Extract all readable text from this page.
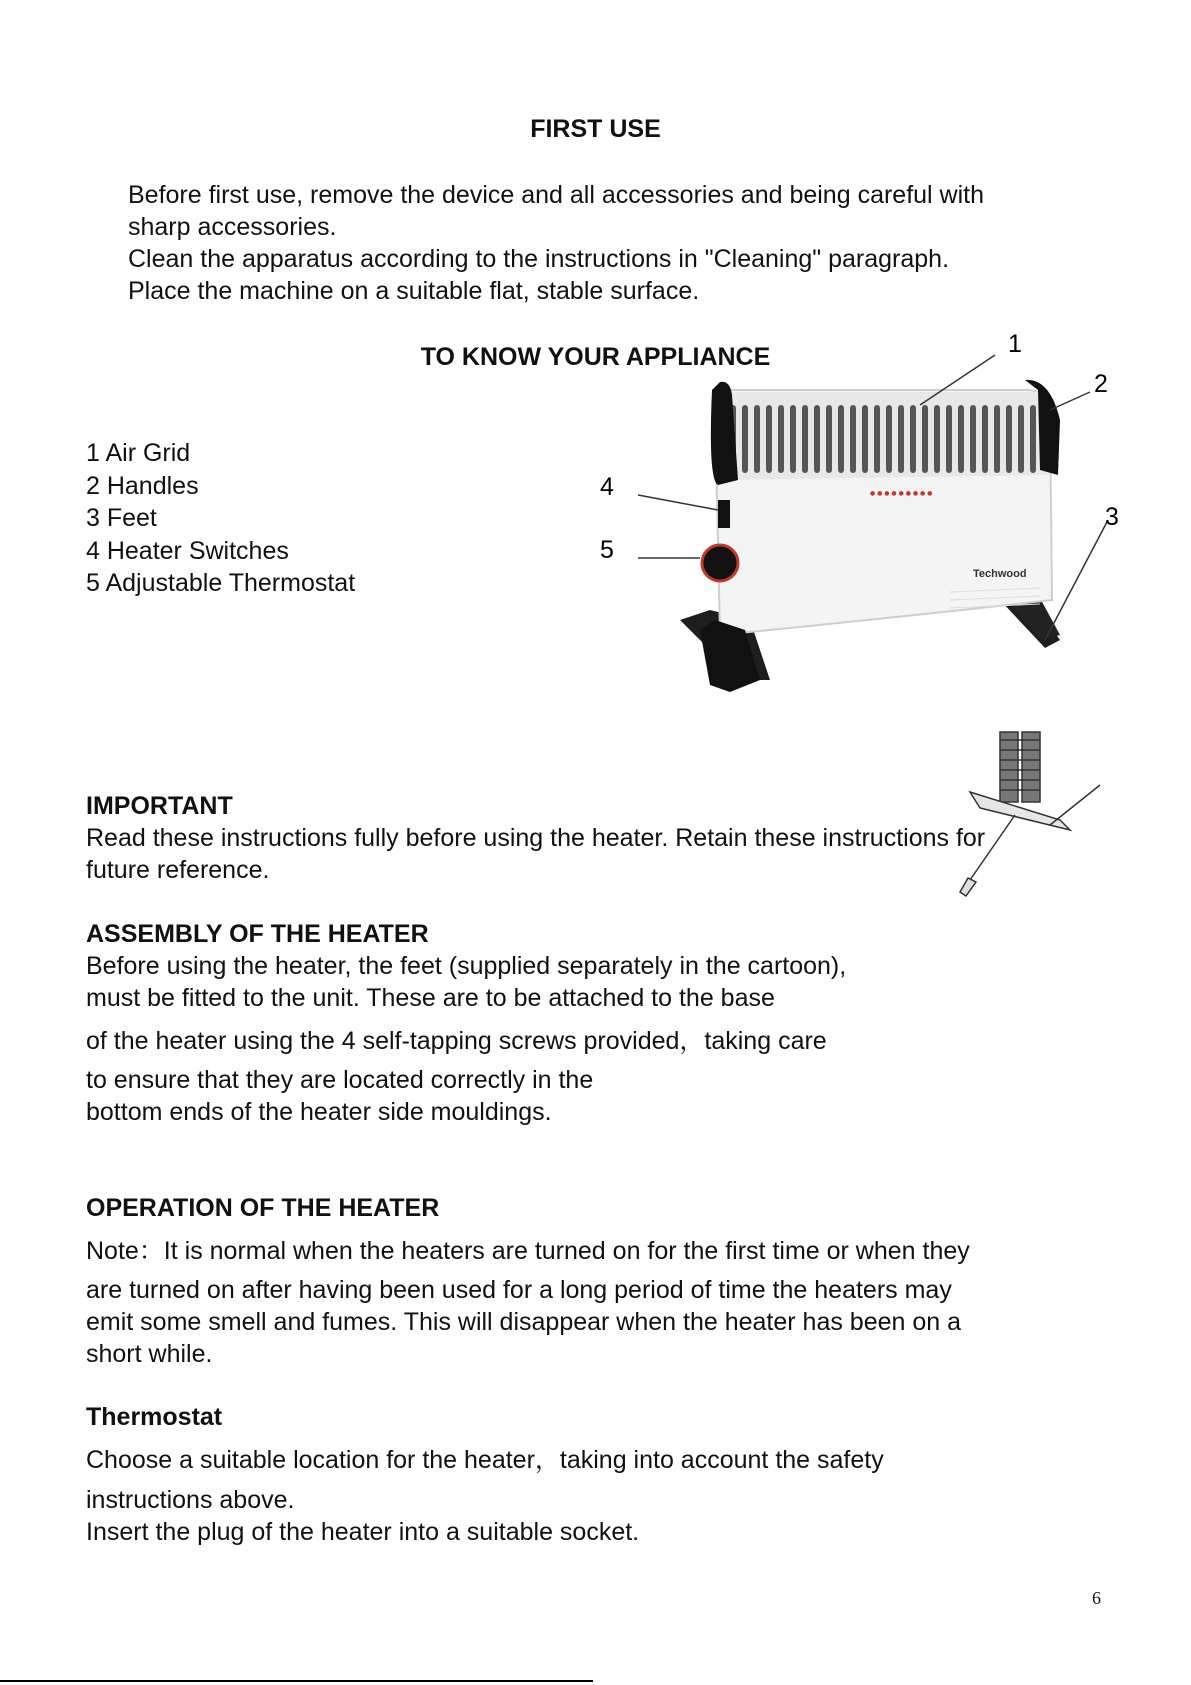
FIRST USE
Before first use, remove the device and all accessories and being careful with
sharp accessories.
Clean the apparatus according to the instructions in "Cleaning" paragraph.
Place the machine on a suitable flat, stable surface.
TO KNOW YOUR APPLIANCE
1 Air Grid
2 Handles
3 Feet
4 Heater Switches
5 Adjustable Thermostat
● ● ● ● ● ● ● ● ●
Techwood
1
2
3
4
5
IMPORTANT
Read these instructions fully before using the heater. Retain these instructions for
future reference.
ASSEMBLY OF THE HEATER
Before using the heater, the feet (supplied separately in the cartoon),
must be fitted to the unit. These are to be attached to the base
of the heater using the 4 self-tapping screws provided，taking care
to ensure that they are located correctly in the
bottom ends of the heater side mouldings.
OPERATION OF THE HEATER
Note：It is normal when the heaters are turned on for the first time or when they
are turned on after having been used for a long period of time the heaters may
emit some smell and fumes. This will disappear when the heater has been on a
short while.
Thermostat
Choose a suitable location for the heater，taking into account the safety
instructions above.
Insert the plug of the heater into a suitable socket.
6
